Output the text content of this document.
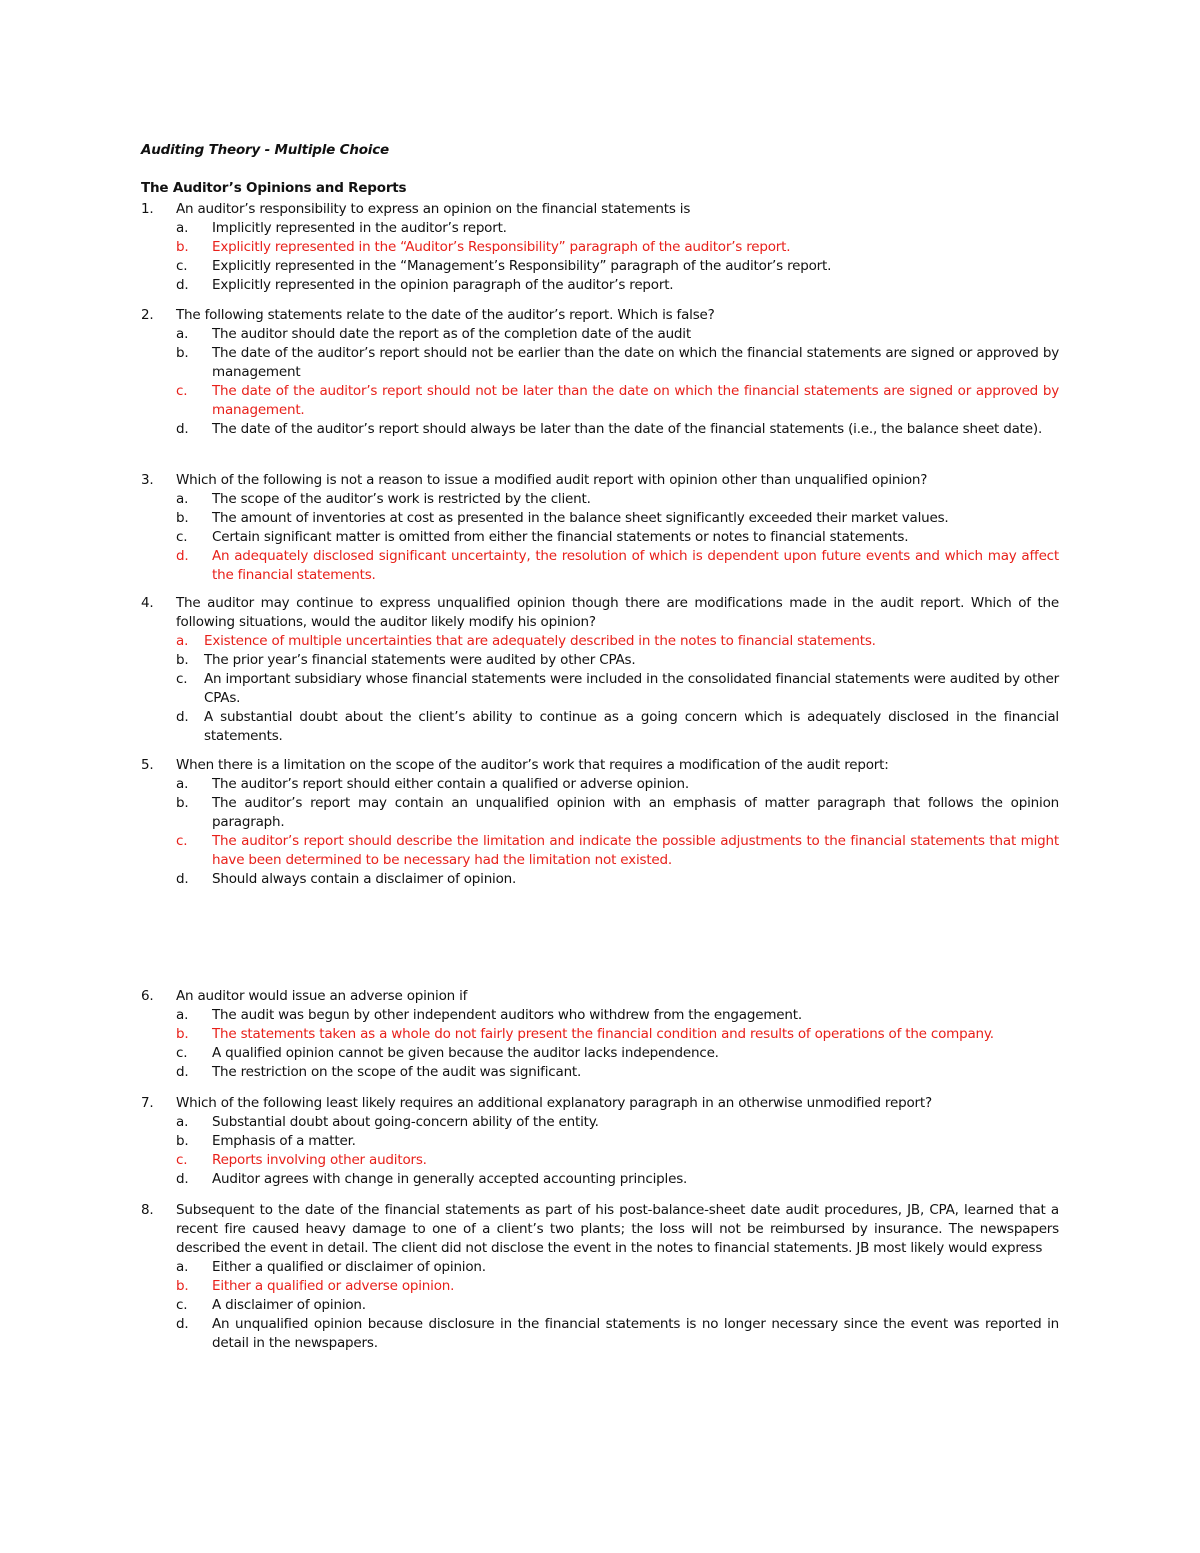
Auditing Theory - Multiple Choice
The Auditor’s Opinions and Reports
1. An auditor’s responsibility to express an opinion on the financial statements is
a. Implicitly represented in the auditor’s report.
b. Explicitly represented in the “Auditor’s Responsibility” paragraph of the auditor’s report.
c. Explicitly represented in the “Management’s Responsibility” paragraph of the auditor’s report.
d. Explicitly represented in the opinion paragraph of the auditor’s report.
2. The following statements relate to the date of the auditor’s report. Which is false?
a. The auditor should date the report as of the completion date of the audit
b. The date of the auditor’s report should not be earlier than the date on which the financial statements are signed or approved by management
c. The date of the auditor’s report should not be later than the date on which the financial statements are signed or approved by management.
d. The date of the auditor’s report should always be later than the date of the financial statements (i.e., the balance sheet date).
3. Which of the following is not a reason to issue a modified audit report with opinion other than unqualified opinion?
a. The scope of the auditor’s work is restricted by the client.
b. The amount of inventories at cost as presented in the balance sheet significantly exceeded their market values.
c. Certain significant matter is omitted from either the financial statements or notes to financial statements.
d. An adequately disclosed significant uncertainty, the resolution of which is dependent upon future events and which may affect the financial statements.
4. The auditor may continue to express unqualified opinion though there are modifications made in the audit report. Which of the following situations, would the auditor likely modify his opinion?
a. Existence of multiple uncertainties that are adequately described in the notes to financial statements.
b. The prior year’s financial statements were audited by other CPAs.
c. An important subsidiary whose financial statements were included in the consolidated financial statements were audited by other CPAs.
d. A substantial doubt about the client’s ability to continue as a going concern which is adequately disclosed in the financial statements.
5. When there is a limitation on the scope of the auditor’s work that requires a modification of the audit report:
a. The auditor’s report should either contain a qualified or adverse opinion.
b. The auditor’s report may contain an unqualified opinion with an emphasis of matter paragraph that follows the opinion paragraph.
c. The auditor’s report should describe the limitation and indicate the possible adjustments to the financial statements that might have been determined to be necessary had the limitation not existed.
d. Should always contain a disclaimer of opinion.
6. An auditor would issue an adverse opinion if
a. The audit was begun by other independent auditors who withdrew from the engagement.
b. The statements taken as a whole do not fairly present the financial condition and results of operations of the company.
c. A qualified opinion cannot be given because the auditor lacks independence.
d. The restriction on the scope of the audit was significant.
7. Which of the following least likely requires an additional explanatory paragraph in an otherwise unmodified report?
a. Substantial doubt about going-concern ability of the entity.
b. Emphasis of a matter.
c. Reports involving other auditors.
d. Auditor agrees with change in generally accepted accounting principles.
8. Subsequent to the date of the financial statements as part of his post-balance-sheet date audit procedures, JB, CPA, learned that a recent fire caused heavy damage to one of a client’s two plants; the loss will not be reimbursed by insurance. The newspapers described the event in detail. The client did not disclose the event in the notes to financial statements. JB most likely would express
a. Either a qualified or disclaimer of opinion.
b. Either a qualified or adverse opinion.
c. A disclaimer of opinion.
d. An unqualified opinion because disclosure in the financial statements is no longer necessary since the event was reported in detail in the newspapers.
